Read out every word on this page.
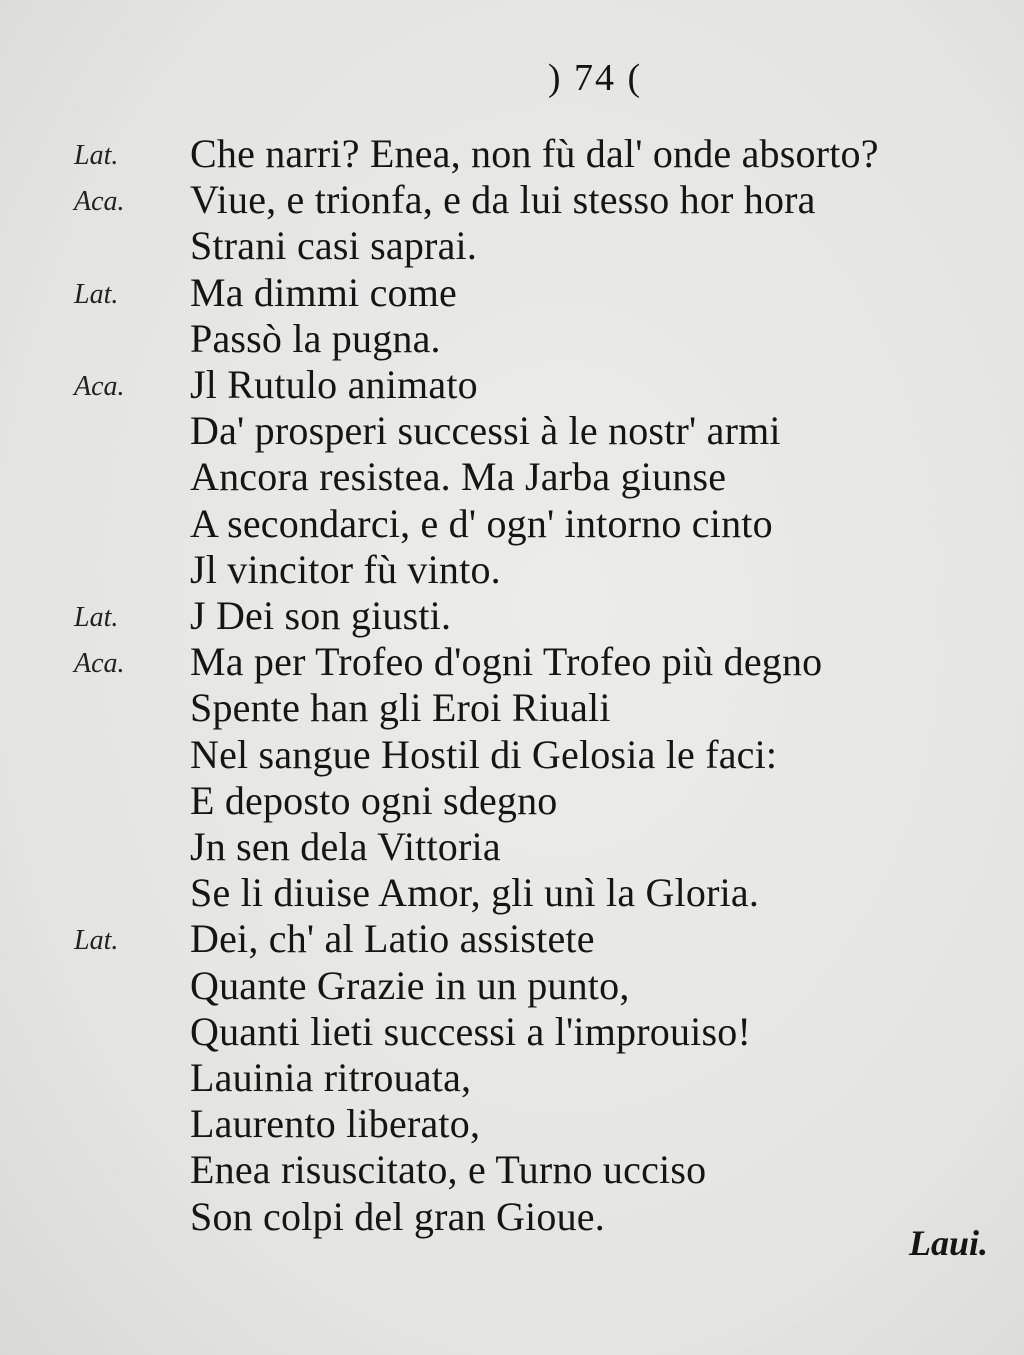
) 74 (
Lat. Che narri? Enea, non fù dal' onde absorto?
Aca. Viue, e trionfa, e da lui stesso hor hora
Strani casi saprai.
Lat. Ma dimmi come
Passò la pugna.
Aca. Jl Rutulo animato
Da' prosperi successi à le nostr' armi
Ancora resistea. Ma Jarba giunse
A secondarci, e d' ogn' intorno cinto
Jl vincitor fù vinto.
Lat. J Dei son giusti.
Aca. Ma per Trofeo d'ogni Trofeo più degno
Spente han gli Eroi Riuali
Nel sangue Hostil di Gelosia le faci:
E deposto ogni sdegno
Jn sen dela Vittoria
Se li diuise Amor, gli unì la Gloria.
Lat. Dei, ch' al Latio assistete
Quante Grazie in un punto,
Quanti lieti successi a l'improuiso!
Lauinia ritrouata,
Laurento liberato,
Enea risuscitato, e Turno ucciso
Son colpi del gran Gioue.
Laui.
